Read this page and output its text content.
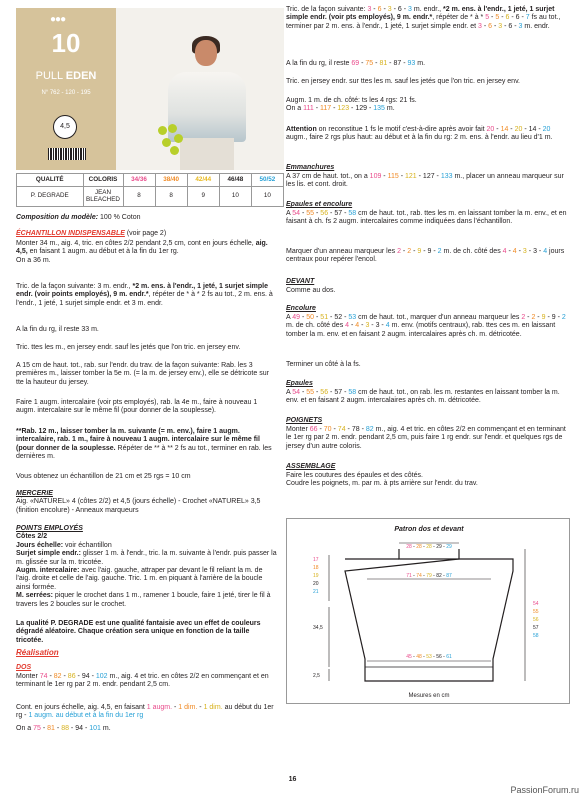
●●●
10
PULL EDEN
N° 762 - 120 - 195
4,5
QUALITÉ	COLORIS	34/36	38/40	42/44	46/48	50/52
P. DEGRADE	JEAN BLEACHED	8	8	9	10	10
Composition du modèle: 100 % Coton
ÉCHANTILLON INDISPENSABLE (voir page 2)

Monter 34 m., aig. 4, tric. en côtes 2/2 pendant 2,5 cm, cont en jours échelle, aig. 4,5, en faisant 1 augm. au début et à la fin du 1er rg.
On a 36 m.

Tric. de la façon suivante: 3 m. endr., *2 m. ens. à l'endr., 1 jeté, 1 surjet simple endr. (voir points employés), 9 m. endr.*, répéter de * à * 2 fs au tot., 2 m. ens. à l'endr., 1 jeté, 1 surjet simple endr. et 3 m. endr.

A la fin du rg, il reste 33 m.

Tric. ttes les m., en jersey endr. sauf les jetés que l'on tric. en jersey env.

A 15 cm de haut. tot., rab. sur l'endr. du trav. de la façon suivante: Rab. les 3 premières m., laisser tomber la 5e m. (= la m. de jersey env.), elle se détricote sur tte la hauteur du jersey.

Faire 1 augm. intercalaire (voir pts employés), rab. la 4e m., faire à nouveau 1 augm. intercalaire sur le même fil (pour donner de la souplesse).

**Rab. 12 m., laisser tomber la m. suivante (= m. env.), faire 1 augm. intercalaire, rab. 1 m., faire à nouveau 1 augm. intercalaire sur le même fil (pour donner de la souplesse. Répéter de ** à ** 2 fs au tot., terminer en rab. les dernières m.

Vous obtenez un échantillon de 21 cm et 25 rgs = 10 cm

MERCERIE
Aig. «NATUREL» 4 (côtes 2/2) et 4,5 (jours échelle) - Crochet «NATUREL» 3,5 (finition encolure) - Anneaux marqueurs
POINTS EMPLOYÉS
Côtes 2/2
Jours échelle: voir échantillon
Surjet simple endr.: glisser 1 m. à l'endr., tric. la m. suivante à l'endr. puis passer la m. glissée sur la m. tricotée.
Augm. intercalaire: avec l'aig. gauche, attraper par devant le fil reliant la m. de l'aig. droite et celle de l'aig. gauche. Tric. 1 m. en piquant à l'arrière de la boucle ainsi formée.
M. serrées: piquer le crochet dans 1 m., ramener 1 boucle, faire 1 jeté, tirer le fil à travers les 2 boucles sur le crochet.

La qualité P. DEGRADE est une qualité fantaisie avec un effet de couleurs dégradé aléatoire. Chaque création sera unique en fonction de la taille tricotée.

Réalisation
DOS

Monter 74 - 82 - 86 - 94 - 102 m., aig. 4 et tric. en côtes 2/2 en commençant et en terminant le 1er rg par 2 m. endr. pendant 2,5 cm.

Cont. en jours échelle, aig. 4,5, en faisant 1 augm. - 1 dim. - 1 dim. au début du 1er rg - 1 augm. au début et à la fin du 1er rg

On a 75 - 81 - 88 - 94 - 101 m.

Tric. de la façon suivante: 3 - 6 - 3 - 6 - 3 m. endr., *2 m. ens. à l'endr., 1 jeté, 1 surjet simple endr. (voir pts employés), 9 m. endr.*, répéter de * à * 5 - 5 - 6 - 6 - 7 fs au tot., terminer par 2 m. ens. à l'endr., 1 jeté, 1 surjet simple endr. et 3 - 6 - 3 - 6 - 3 m. endr.

A la fin du rg, il reste 69 - 75 - 81 - 87 - 93 m.

Tric. en jersey endr. sur ttes les m. sauf les jetés que l'on tric. en jersey env.

Augm. 1 m. de ch. côté: ts les 4 rgs: 21 fs.
On a 111 - 117 - 123 - 129 - 135 m.

Attention on reconstitue 1 fs le motif c'est-à-dire après avoir fait 20 - 14 - 20 - 14 - 20 augm., faire 2 rgs plus haut: au début et à la fin du rg: 2 m. ens. à l'endr. au lieu d'1 m.

Emmanchures

A 37 cm de haut. tot., on a 109 - 115 - 121 - 127 - 133 m., placer un anneau marqueur sur les lis. et cont. droit.

Epaules et encolure

A 54 - 55 - 56 - 57 - 58 cm de haut. tot., rab. ttes les m. en laissant tomber la m. env., et en faisant à ch. fs 2 augm. intercalaires comme indiquées dans l'échantillon.

Marquer d'un anneau marqueur les 2 - 2 - 9 - 9 - 2 m. de ch. côté des 4 - 4 - 3 - 3 - 4 jours centraux pour repérer l'encol.

DEVANT

Comme au dos.

Encolure

A 49 - 50 - 51 - 52 - 53 cm de haut. tot., marquer d'un anneau marqueur les 2 - 2 - 9 - 9 - 2 m. de ch. côté des 4 - 4 - 3 - 3 - 4 m. env. (motifs centraux), rab. ttes ces m. en laissant tomber la m. env. et en faisant 2 augm. intercalaires après ch. m. détricotée.

Terminer un côté à la fs.

Epaules

A 54 - 55 - 56 - 57 - 58 cm de haut. tot., on rab. les m. restantes en laissant tomber la m. env. et en faisant 2 augm. intercalaires après ch. m. détricotée.

POIGNETS

Monter 66 - 70 - 74 - 78 - 82 m., aig. 4 et tric. en côtes 2/2 en commençant et en terminant le 1er rg par 2 m. endr. pendant 2,5 cm, puis faire 1 rg endr. sur l'endr. et quelques rgs de jersey d'un autre coloris.

ASSEMBLAGE

Faire les coutures des épaules et des côtés.
Coudre les poignets, m. par m. à pts arrière sur l'endr. du trav.

Patron dos et devant
28 - 28 - 28 - 29 - 29
71 - 74 - 79 - 82 - 87
45 - 48 - 53 - 56 - 61
17
18
19
20
21
34,5
2,5
54
55
56
57
58
Mesures en cm
16
PassionForum.ru
